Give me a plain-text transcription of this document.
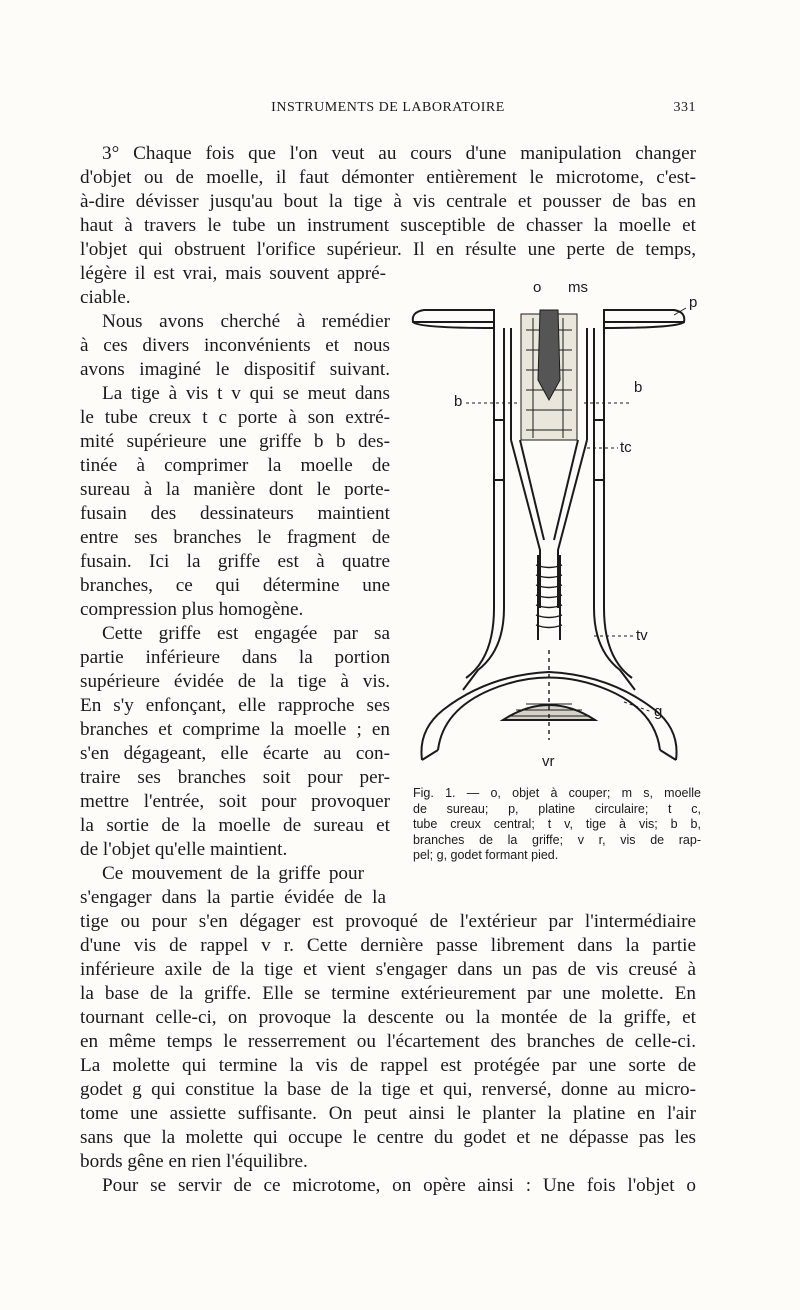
INSTRUMENTS DE LABORATOIRE	331
3° Chaque fois que l'on veut au cours d'une manipulation changer
d'objet ou de moelle, il faut démonter entièrement le microtome, c'est-
à-dire dévisser jusqu'au bout la tige à vis centrale et pousser de bas en
haut à travers le tube un instrument susceptible de chasser la moelle et
l'objet qui obstruent l'orifice supérieur. Il en résulte une perte de temps,
légère il est vrai, mais souvent appré-
ciable.
Nous avons cherché à remédier
à ces divers inconvénients et nous
avons imaginé le dispositif suivant.
La tige à vis t v qui se meut dans
le tube creux t c porte à son extré-
mité supérieure une griffe b b des-
tinée à comprimer la moelle de
sureau à la manière dont le porte-
fusain des dessinateurs maintient
entre ses branches le fragment de
fusain. Ici la griffe est à quatre
branches, ce qui détermine une
compression plus homogène.
Cette griffe est engagée par sa
partie inférieure dans la portion
supérieure évidée de la tige à vis.
En s'y enfonçant, elle rapproche ses
branches et comprime la moelle ; en
s'en dégageant, elle écarte au con-
traire ses branches soit pour per-
mettre l'entrée, soit pour provoquer
la sortie de la moelle de sureau et
de l'objet qu'elle maintient.
Ce mouvement de la griffe pour
s'engager dans la partie évidée de la
tige ou pour s'en dégager est provoqué de l'extérieur par l'intermédiaire
d'une vis de rappel v r. Cette dernière passe librement dans la partie
inférieure axile de la tige et vient s'engager dans un pas de vis creusé à
la base de la griffe. Elle se termine extérieurement par une molette. En
tournant celle-ci, on provoque la descente ou la montée de la griffe, et
en même temps le resserrement ou l'écartement des branches de celle-ci.
La molette qui termine la vis de rappel est protégée par une sorte de
godet g qui constitue la base de la tige et qui, renversé, donne au micro-
tome une assiette suffisante. On peut ainsi le planter la platine en l'air
sans que la molette qui occupe le centre du godet et ne dépasse pas les
bords gêne en rien l'équilibre.
Pour se servir de ce microtome, on opère ainsi : Une fois l'objet o
o ms
p
b
b
tc
tv
g
vr
Fig. 1. — o, objet à couper; m s, moelle
de sureau; p, platine circulaire; t c,
tube creux central; t v, tige à vis; b b,
branches de la griffe; v r, vis de rap-
pel; g, godet formant pied.
